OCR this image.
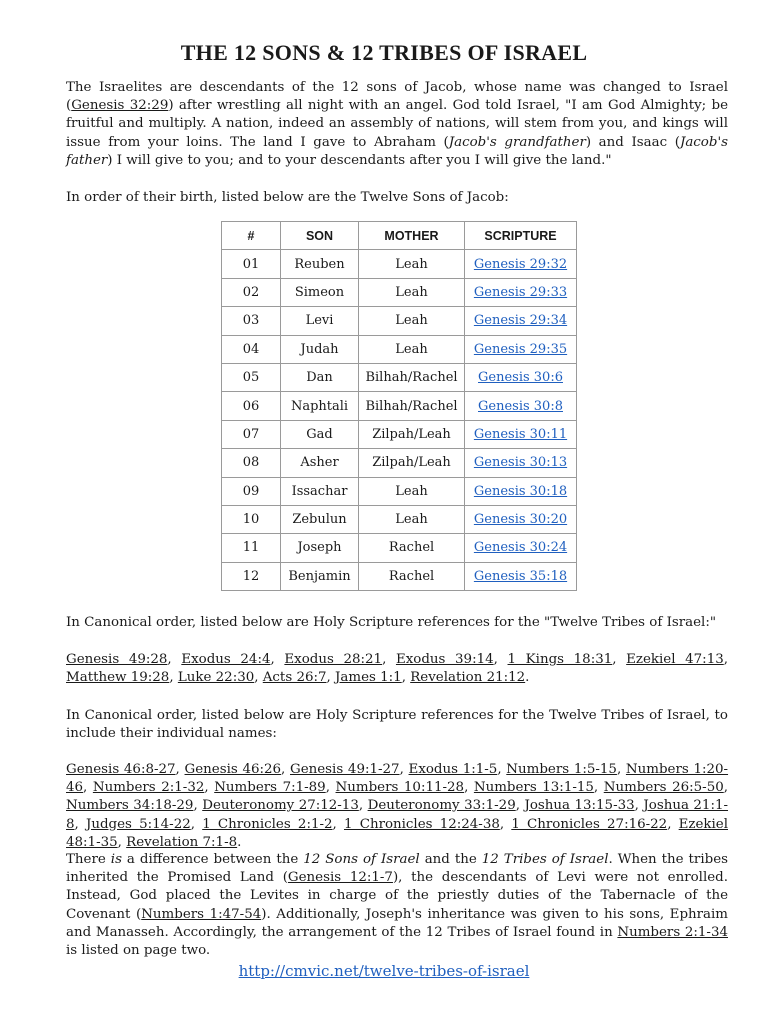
THE 12 SONS & 12 TRIBES OF ISRAEL

The Israelites are descendants of the 12 sons of Jacob, whose name was changed to Israel (Genesis 32:29) after wrestling all night with an angel. God told Israel, "I am God Almighty; be fruitful and multiply. A nation, indeed an assembly of nations, will stem from you, and kings will issue from your loins. The land I gave to Abraham (Jacob's grandfather) and Isaac (Jacob's father) I will give to you; and to your descendants after you I will give the land."

In order of their birth, listed below are the Twelve Sons of Jacob:

#	SON	MOTHER	SCRIPTURE
01	Reuben	Leah	Genesis 29:32
02	Simeon	Leah	Genesis 29:33
03	Levi	Leah	Genesis 29:34
04	Judah	Leah	Genesis 29:35
05	Dan	Bilhah/Rachel	Genesis 30:6
06	Naphtali	Bilhah/Rachel	Genesis 30:8
07	Gad	Zilpah/Leah	Genesis 30:11
08	Asher	Zilpah/Leah	Genesis 30:13
09	Issachar	Leah	Genesis 30:18
10	Zebulun	Leah	Genesis 30:20
11	Joseph	Rachel	Genesis 30:24
12	Benjamin	Rachel	Genesis 35:18

In Canonical order, listed below are Holy Scripture references for the "Twelve Tribes of Israel:"

Genesis 49:28, Exodus 24:4, Exodus 28:21, Exodus 39:14, 1 Kings 18:31, Ezekiel 47:13, Matthew 19:28, Luke 22:30, Acts 26:7, James 1:1, Revelation 21:12.

In Canonical order, listed below are Holy Scripture references for the Twelve Tribes of Israel, to include their individual names:

Genesis 46:8-27, Genesis 46:26, Genesis 49:1-27, Exodus 1:1-5, Numbers 1:5-15, Numbers 1:20-46, Numbers 2:1-32, Numbers 7:1-89, Numbers 10:11-28, Numbers 13:1-15, Numbers 26:5-50, Numbers 34:18-29, Deuteronomy 27:12-13, Deuteronomy 33:1-29, Joshua 13:15-33, Joshua 21:1-8, Judges 5:14-22, 1 Chronicles 2:1-2, 1 Chronicles 12:24-38, 1 Chronicles 27:16-22, Ezekiel 48:1-35, Revelation 7:1-8.

There is a difference between the 12 Sons of Israel and the 12 Tribes of Israel. When the tribes inherited the Promised Land (Genesis 12:1-7), the descendants of Levi were not enrolled. Instead, God placed the Levites in charge of the priestly duties of the Tabernacle of the Covenant (Numbers 1:47-54). Additionally, Joseph's inheritance was given to his sons, Ephraim and Manasseh. Accordingly, the arrangement of the 12 Tribes of Israel found in Numbers 2:1-34 is listed on page two.

http://cmvic.net/twelve-tribes-of-israel
